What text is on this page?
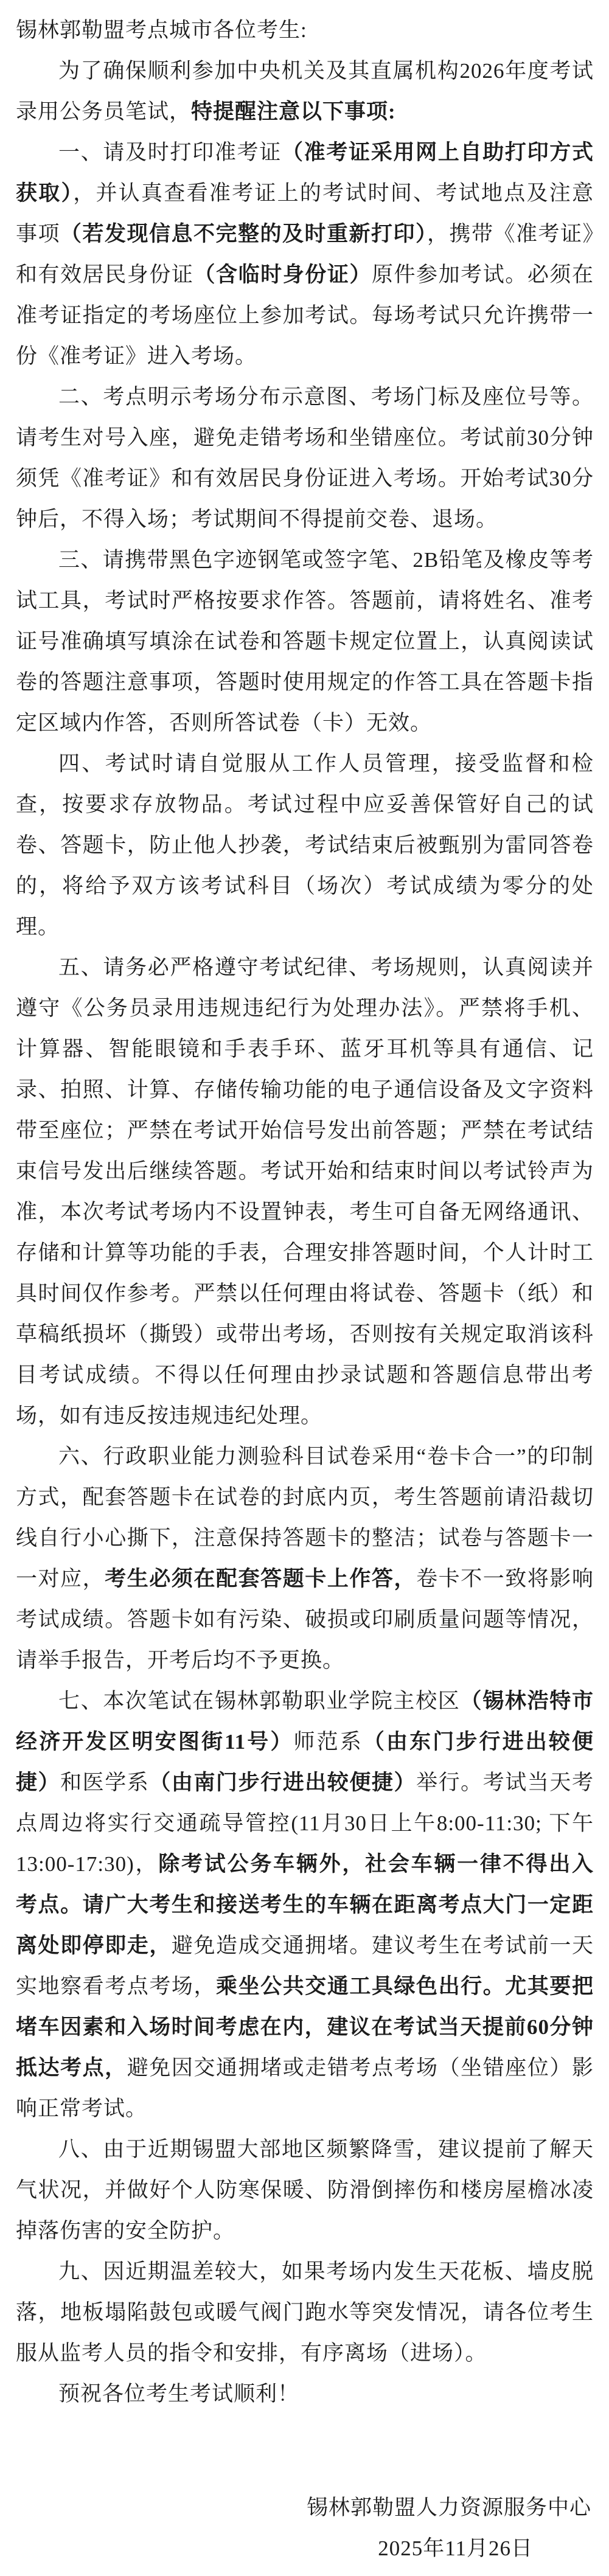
锡林郭勒盟考点城市各位考生:

为了确保顺利参加中央机关及其直属机构2026年度考试录用公务员笔试，特提醒注意以下事项:

一、请及时打印准考证（准考证采用网上自助打印方式获取），并认真查看准考证上的考试时间、考试地点及注意事项（若发现信息不完整的及时重新打印），携带《准考证》和有效居民身份证（含临时身份证）原件参加考试。必须在准考证指定的考场座位上参加考试。每场考试只允许携带一份《准考证》进入考场。

二、考点明示考场分布示意图、考场门标及座位号等。请考生对号入座，避免走错考场和坐错座位。考试前30分钟须凭《准考证》和有效居民身份证进入考场。开始考试30分钟后，不得入场；考试期间不得提前交卷、退场。

三、请携带黑色字迹钢笔或签字笔、2B铅笔及橡皮等考试工具，考试时严格按要求作答。答题前，请将姓名、准考证号准确填写填涂在试卷和答题卡规定位置上，认真阅读试卷的答题注意事项，答题时使用规定的作答工具在答题卡指定区域内作答，否则所答试卷（卡）无效。

四、考试时请自觉服从工作人员管理，接受监督和检查，按要求存放物品。考试过程中应妥善保管好自己的试卷、答题卡，防止他人抄袭，考试结束后被甄别为雷同答卷的，将给予双方该考试科目（场次）考试成绩为零分的处理。

五、请务必严格遵守考试纪律、考场规则，认真阅读并遵守《公务员录用违规违纪行为处理办法》。严禁将手机、计算器、智能眼镜和手表手环、蓝牙耳机等具有通信、记录、拍照、计算、存储传输功能的电子通信设备及文字资料带至座位；严禁在考试开始信号发出前答题；严禁在考试结束信号发出后继续答题。考试开始和结束时间以考试铃声为准，本次考试考场内不设置钟表，考生可自备无网络通讯、存储和计算等功能的手表，合理安排答题时间，个人计时工具时间仅作参考。严禁以任何理由将试卷、答题卡（纸）和草稿纸损坏（撕毁）或带出考场，否则按有关规定取消该科目考试成绩。不得以任何理由抄录试题和答题信息带出考场，如有违反按违规违纪处理。

六、行政职业能力测验科目试卷采用“卷卡合一”的印制方式，配套答题卡在试卷的封底内页，考生答题前请沿裁切线自行小心撕下，注意保持答题卡的整洁；试卷与答题卡一一对应，考生必须在配套答题卡上作答，卷卡不一致将影响考试成绩。答题卡如有污染、破损或印刷质量问题等情况，请举手报告，开考后均不予更换。

七、本次笔试在锡林郭勒职业学院主校区（锡林浩特市经济开发区明安图街11号）师范系（由东门步行进出较便捷）和医学系（由南门步行进出较便捷）举行。考试当天考点周边将实行交通疏导管控(11月30日上午8:00-11:30; 下午13:00-17:30)，除考试公务车辆外，社会车辆一律不得出入考点。请广大考生和接送考生的车辆在距离考点大门一定距离处即停即走，避免造成交通拥堵。建议考生在考试前一天实地察看考点考场，乘坐公共交通工具绿色出行。尤其要把堵车因素和入场时间考虑在内，建议在考试当天提前60分钟抵达考点，避免因交通拥堵或走错考点考场（坐错座位）影响正常考试。

八、由于近期锡盟大部地区频繁降雪，建议提前了解天气状况，并做好个人防寒保暖、防滑倒摔伤和楼房屋檐冰凌掉落伤害的安全防护。

九、因近期温差较大，如果考场内发生天花板、墙皮脱落，地板塌陷鼓包或暖气阀门跑水等突发情况，请各位考生服从监考人员的指令和安排，有序离场（进场）。

预祝各位考生考试顺利！

锡林郭勒盟人力资源服务中心

2025年11月26日
